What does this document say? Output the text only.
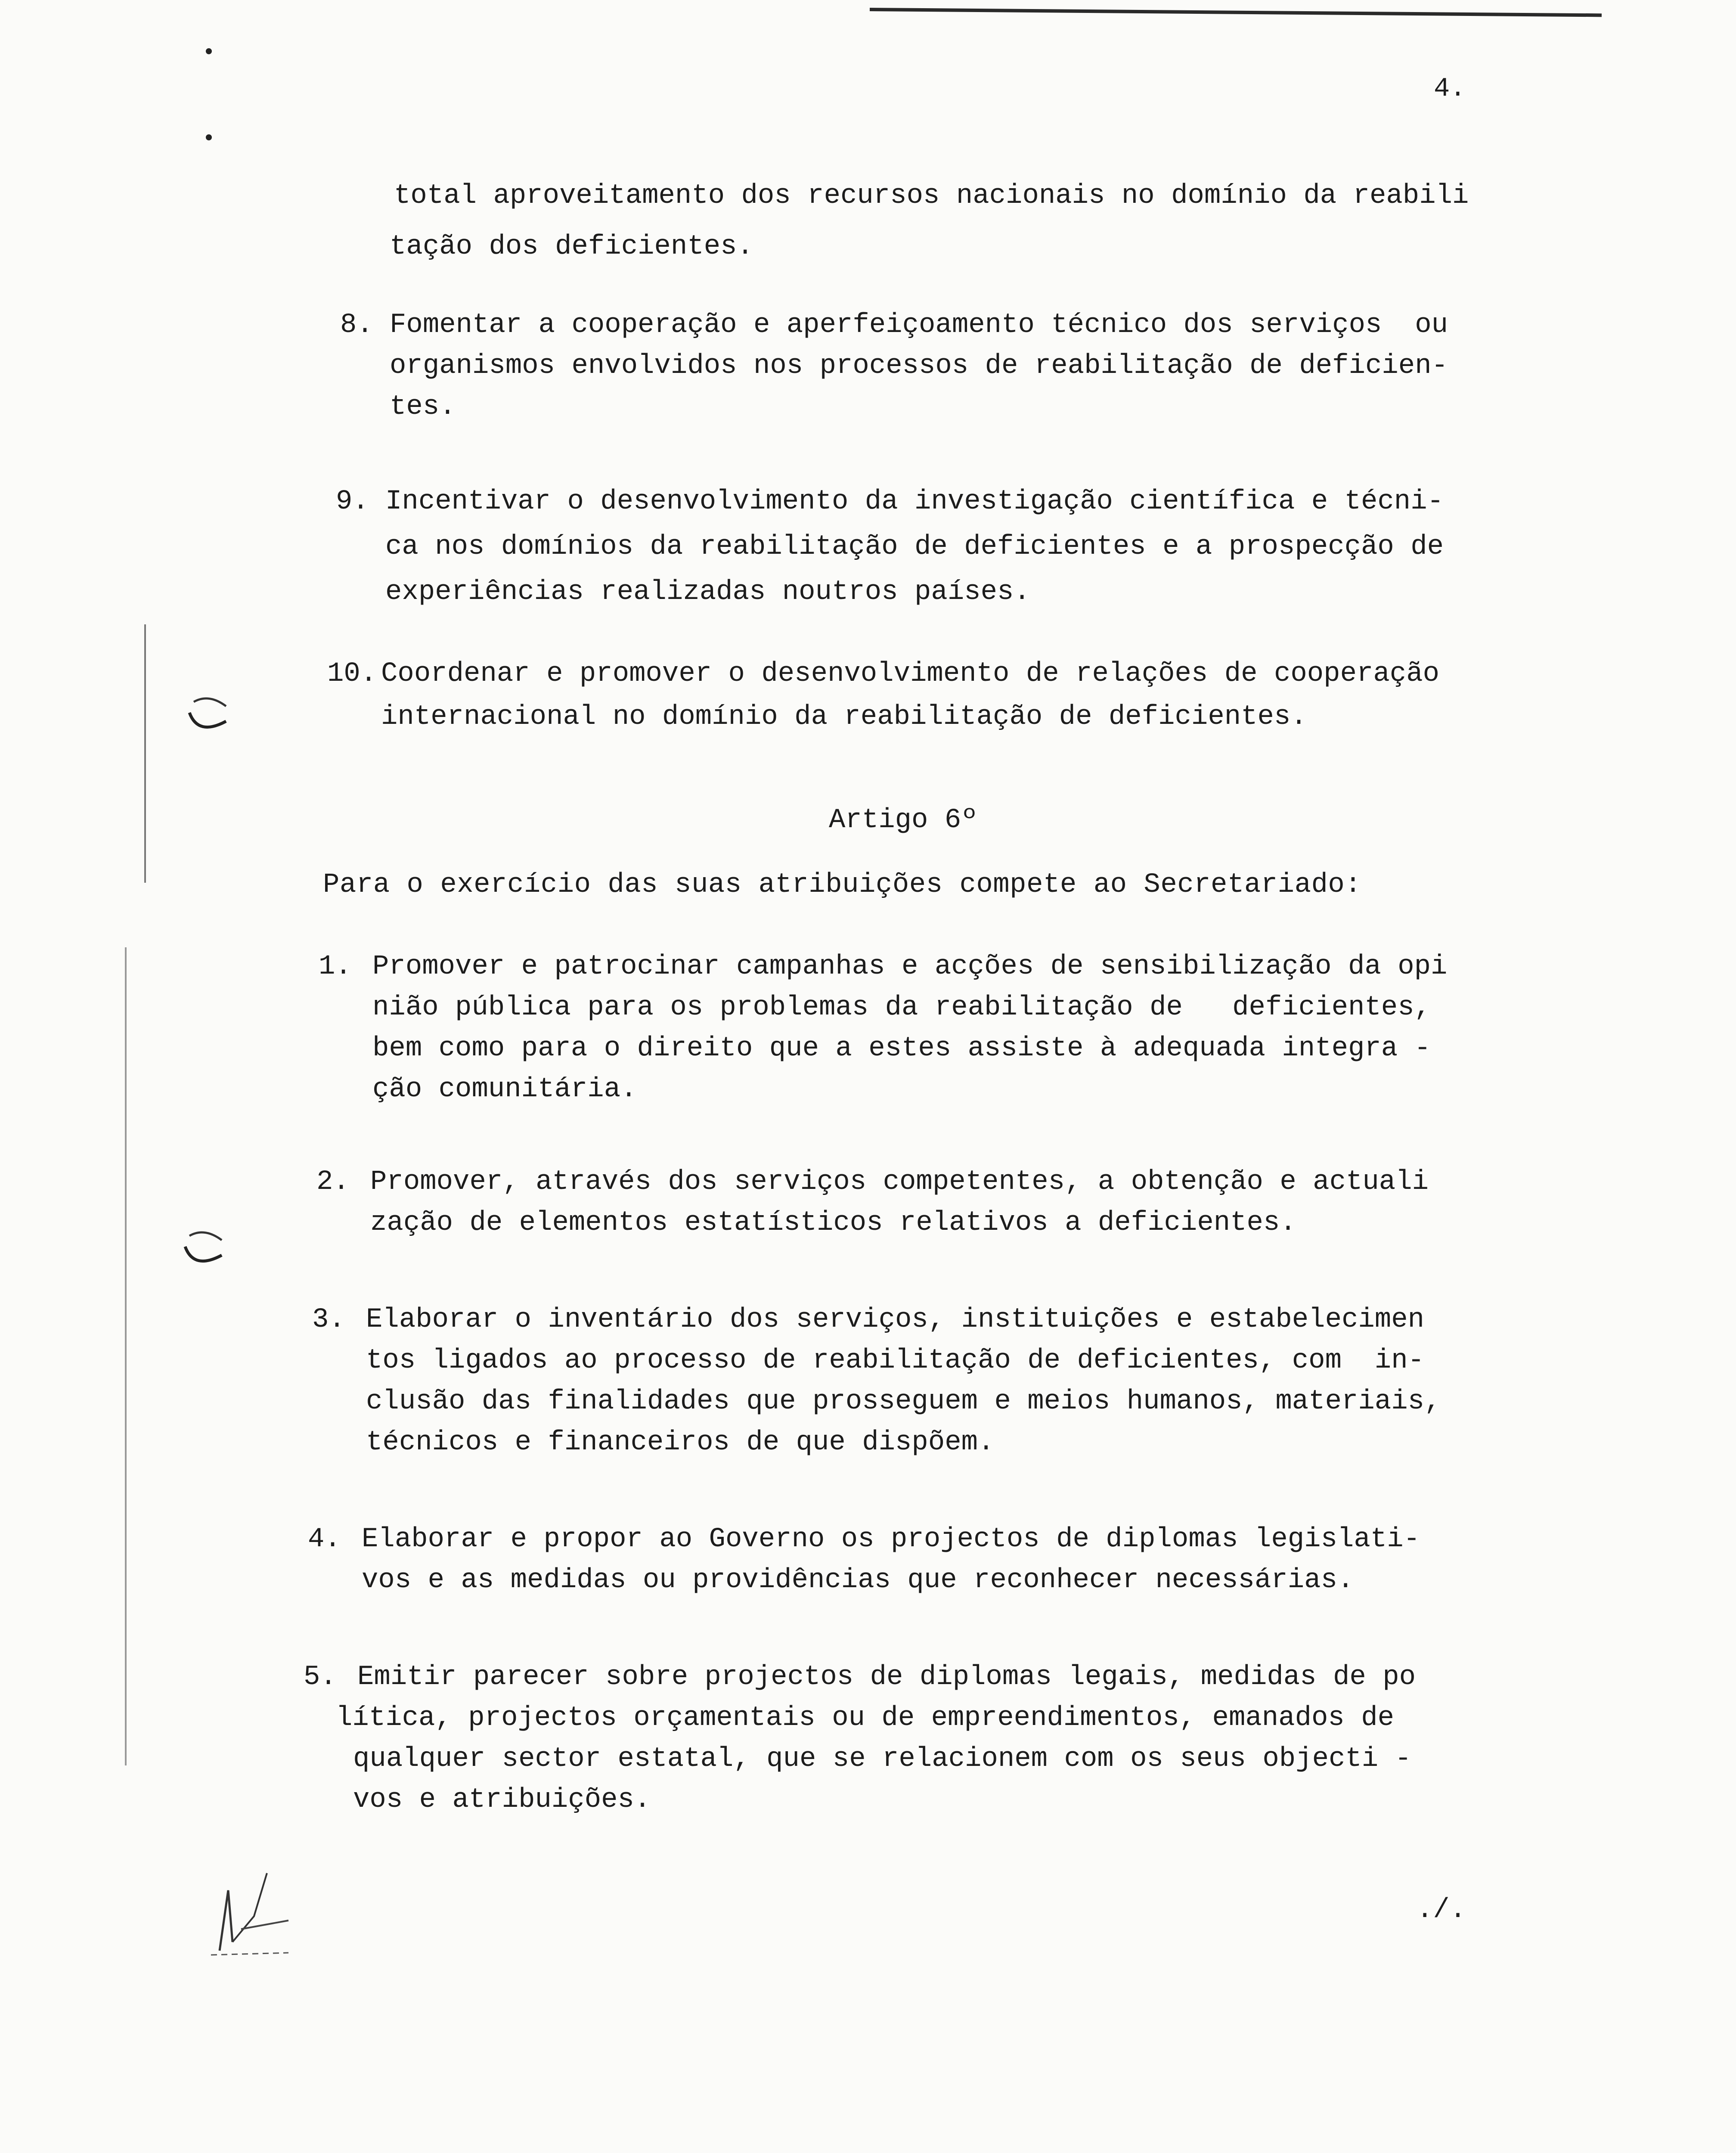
4.
total aproveitamento dos recursos nacionais no domínio da reabili
tação dos deficientes.
8. Fomentar a cooperação e aperfeiçoamento técnico dos serviços  ou
organismos envolvidos nos processos de reabilitação de deficien-
tes.
9. Incentivar o desenvolvimento da investigação científica e técni-
ca nos domínios da reabilitação de deficientes e a prospecção de
experiências realizadas noutros países.
10. Coordenar e promover o desenvolvimento de relações de cooperação
internacional no domínio da reabilitação de deficientes.
Artigo 6º
Para o exercício das suas atribuições compete ao Secretariado:
1. Promover e patrocinar campanhas e acções de sensibilização da opi
nião pública para os problemas da reabilitação de   deficientes,
bem como para o direito que a estes assiste à adequada integra -
ção comunitária.
2. Promover, através dos serviços competentes, a obtenção e actuali
zação de elementos estatísticos relativos a deficientes.
3. Elaborar o inventário dos serviços, instituições e estabelecimen
tos ligados ao processo de reabilitação de deficientes, com  in-
clusão das finalidades que prosseguem e meios humanos, materiais,
técnicos e financeiros de que dispõem.
4. Elaborar e propor ao Governo os projectos de diplomas legislati-
vos e as medidas ou providências que reconhecer necessárias.
5. Emitir parecer sobre projectos de diplomas legais, medidas de po
lítica, projectos orçamentais ou de empreendimentos, emanados de
qualquer sector estatal, que se relacionem com os seus objecti -
vos e atribuições.
./.
